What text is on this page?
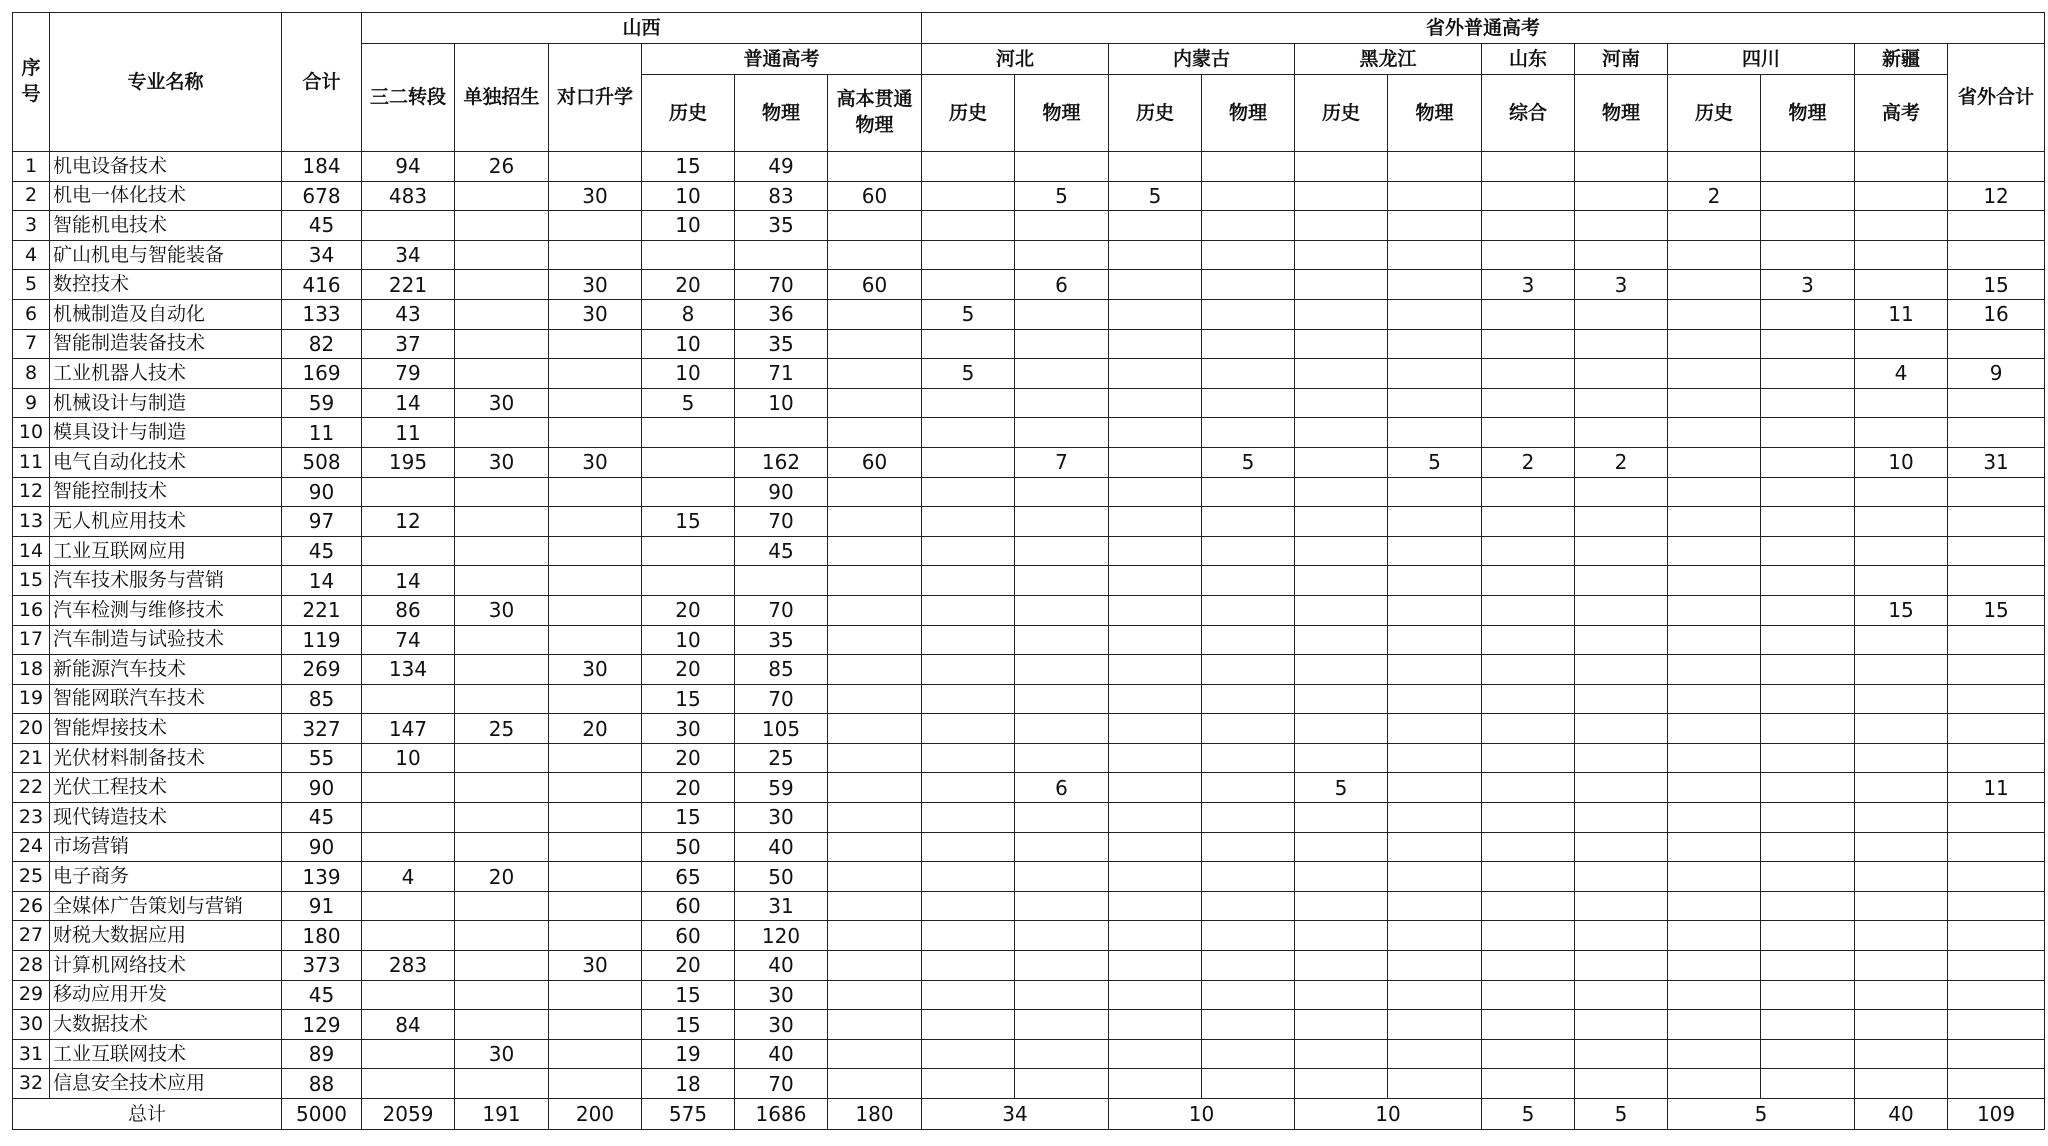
序号	专业名称	合计	山西						省外普通高考											
			三二转段	单独招生	对口升学	普通高考			河北		内蒙古		黑龙江		山东	河南	四川		新疆	省外合计
						历史	物理	高本贯通物理	历史	物理	历史	物理	历史	物理	综合	物理	历史	物理	高考	
1	机电设备技术	184	94	26		15	49													
2	机电一体化技术	678	483		30	10	83	60		5	5						2			12
3	智能机电技术	45				10	35													
4	矿山机电与智能装备	34	34																	
5	数控技术	416	221		30	20	70	60		6					3	3		3		15
6	机械制造及自动化	133	43		30	8	36		5										11	16
7	智能制造装备技术	82	37			10	35													
8	工业机器人技术	169	79			10	71		5										4	9
9	机械设计与制造	59	14	30		5	10													
10	模具设计与制造	11	11																	
11	电气自动化技术	508	195	30	30		162	60		7		5		5	2	2			10	31
12	智能控制技术	90					90													
13	无人机应用技术	97	12			15	70													
14	工业互联网应用	45					45													
15	汽车技术服务与营销	14	14																	
16	汽车检测与维修技术	221	86	30		20	70												15	15
17	汽车制造与试验技术	119	74			10	35													
18	新能源汽车技术	269	134		30	20	85													
19	智能网联汽车技术	85				15	70													
20	智能焊接技术	327	147	25	20	30	105													
21	光伏材料制备技术	55	10			20	25													
22	光伏工程技术	90				20	59			6			5							11
23	现代铸造技术	45				15	30													
24	市场营销	90				50	40													
25	电子商务	139	4	20		65	50													
26	全媒体广告策划与营销	91				60	31													
27	财税大数据应用	180				60	120													
28	计算机网络技术	373	283		30	20	40													
29	移动应用开发	45				15	30													
30	大数据技术	129	84			15	30													
31	工业互联网技术	89		30		19	40													
32	信息安全技术应用	88				18	70													
总计		5000	2059	191	200	575	1686	180	34		10		10		5	5	5		40	109
